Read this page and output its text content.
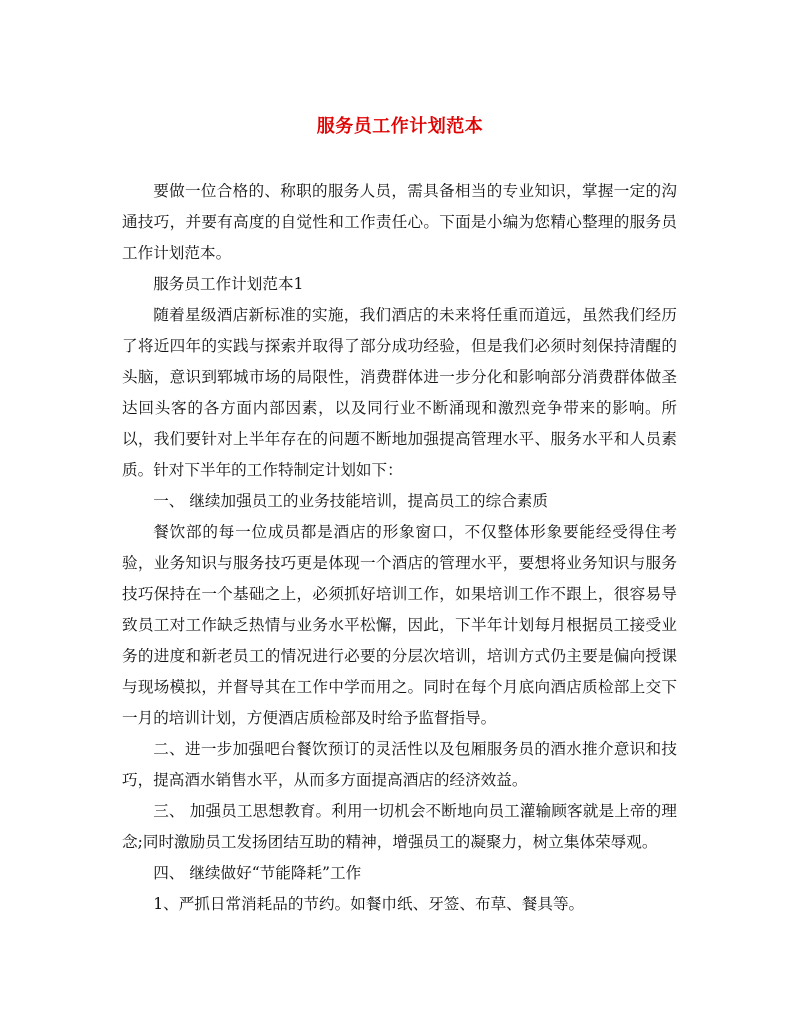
服务员工作计划范本

要做一位合格的、称职的服务人员，需具备相当的专业知识，掌握一定的沟通技巧，并要有高度的自觉性和工作责任心。下面是小编为您精心整理的服务员工作计划范本。

服务员工作计划范本1

随着星级酒店新标准的实施，我们酒店的未来将任重而道远，虽然我们经历了将近四年的实践与探索并取得了部分成功经验，但是我们必须时刻保持清醒的头脑，意识到郓城市场的局限性，消费群体进一步分化和影响部分消费群体做圣达回头客的各方面内部因素，以及同行业不断涌现和激烈竞争带来的影响。所以，我们要针对上半年存在的问题不断地加强提高管理水平、服务水平和人员素质。针对下半年的工作特制定计划如下：

一、 继续加强员工的业务技能培训，提高员工的综合素质

餐饮部的每一位成员都是酒店的形象窗口，不仅整体形象要能经受得住考验，业务知识与服务技巧更是体现一个酒店的管理水平，要想将业务知识与服务技巧保持在一个基础之上，必须抓好培训工作，如果培训工作不跟上，很容易导致员工对工作缺乏热情与业务水平松懈，因此，下半年计划每月根据员工接受业务的进度和新老员工的情况进行必要的分层次培训，培训方式仍主要是偏向授课与现场模拟，并督导其在工作中学而用之。同时在每个月底向酒店质检部上交下一月的培训计划，方便酒店质检部及时给予监督指导。

二、进一步加强吧台餐饮预订的灵活性以及包厢服务员的酒水推介意识和技巧，提高酒水销售水平，从而多方面提高酒店的经济效益。

三、 加强员工思想教育。利用一切机会不断地向员工灌输顾客就是上帝的理念;同时激励员工发扬团结互助的精神，增强员工的凝聚力，树立集体荣辱观。

四、 继续做好“节能降耗”工作

1、严抓日常消耗品的节约。如餐巾纸、牙签、布草、餐具等。
